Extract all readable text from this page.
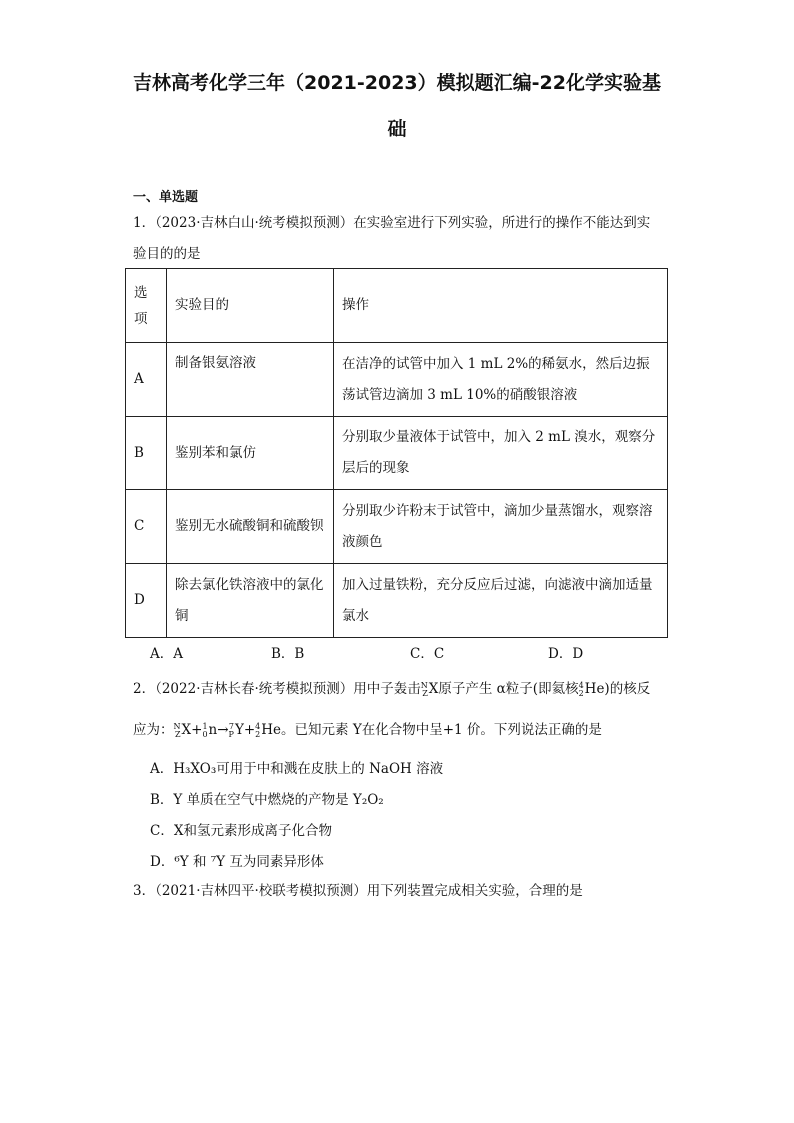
吉林高考化学三年（2021-2023）模拟题汇编-22化学实验基
础

一、单选题

1．（2023·吉林白山·统考模拟预测）在实验室进行下列实验，所进行的操作不能达到实

验目的的是

选项	实验目的	操作
A	制备银氨溶液	在洁净的试管中加入 1 mL 2%的稀氨水，然后边振荡试管边滴加 3 mL 10%的硝酸银溶液
B	鉴别苯和氯仿	分别取少量液体于试管中，加入 2 mL 溴水，观察分层后的现象
C	鉴别无水硫酸铜和硫酸钡	分别取少许粉末于试管中，滴加少量蒸馏水，观察溶液颜色
D	除去氯化铁溶液中的氯化铜	加入过量铁粉，充分反应后过滤，向滤液中滴加适量氯水
A．A	B．B	C．C	D．D

2．（2022·吉林长春·统考模拟预测）用中子轰击 N
Z X原子产生 α粒子(即氦核 4
2 He)的核反

应为： N
Z X+ 1
0 n→ 7
P Y+ 4
2 He。已知元素 Y在化合物中呈+1 价。下列说法正确的是

A．H₃XO₃可用于中和溅在皮肤上的 NaOH 溶液

B．Y 单质在空气中燃烧的产物是 Y₂O₂

C．X和氢元素形成离子化合物

D．⁶Y 和 ⁷Y 互为同素异形体

3．（2021·吉林四平·校联考模拟预测）用下列装置完成相关实验，合理的是
